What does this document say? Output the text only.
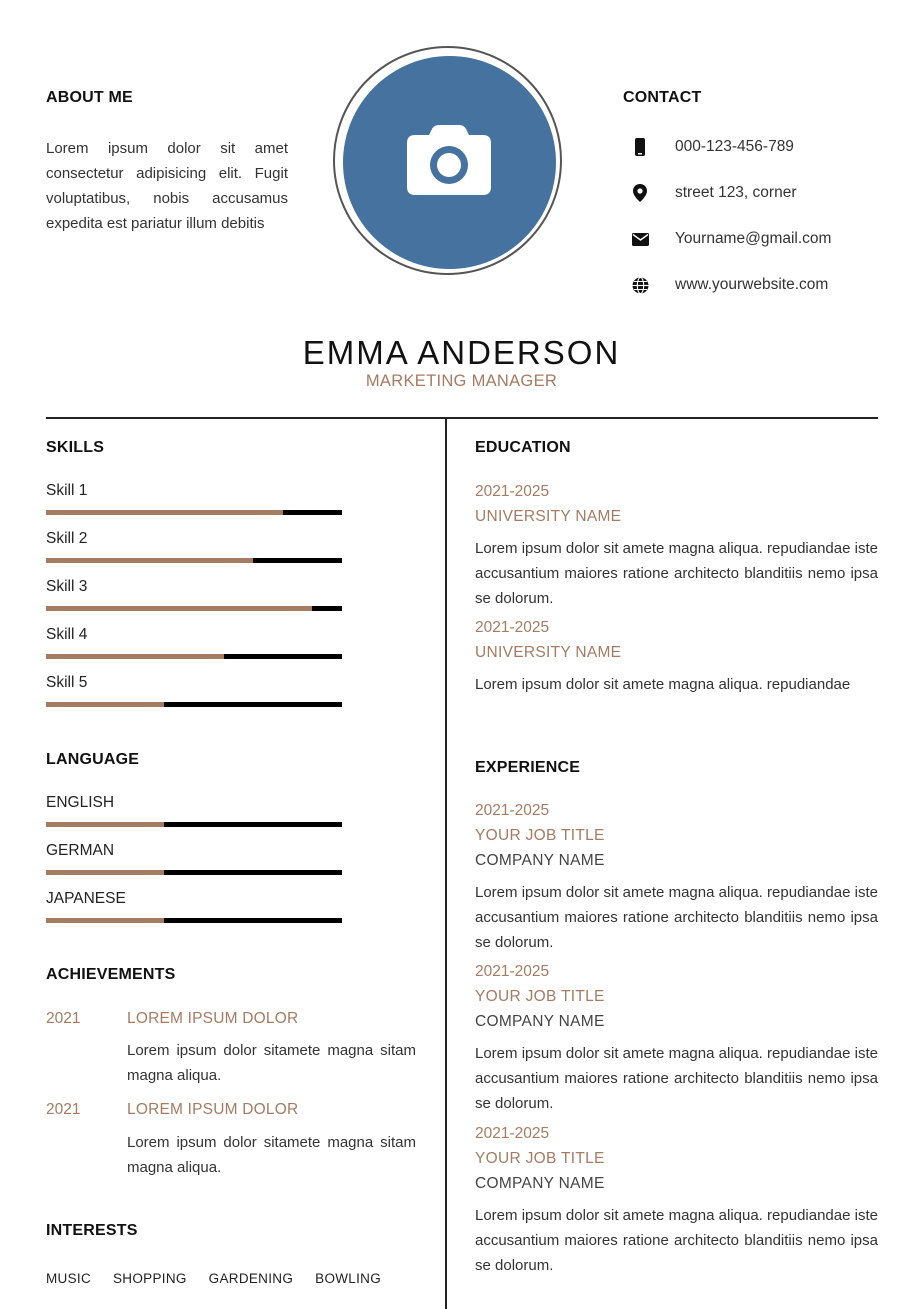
ABOUT ME
Lorem ipsum dolor sit amet consectetur adipisicing elit. Fugit voluptatibus, nobis accusamus expedita est pariatur illum debitis
CONTACT
000-123-456-789
street 123, corner
Yourname@gmail.com
www.yourwebsite.com
EMMA ANDERSON
MARKETING MANAGER
SKILLS
Skill 1
Skill 2
Skill 3
Skill 4
Skill 5
LANGUAGE
ENGLISH
GERMAN
JAPANESE
ACHIEVEMENTS
2021	LOREM IPSUM DOLOR
Lorem ipsum dolor sitamete magna sitam magna aliqua.
2021	LOREM IPSUM DOLOR
Lorem ipsum dolor sitamete magna sitam magna aliqua.
INTERESTS
MUSIC SHOPPING GARDENING BOWLING
EDUCATION
2021-2025
UNIVERSITY NAME
Lorem ipsum dolor sit amete magna aliqua. repudiandae iste accusantium maiores ratione architecto blanditiis nemo ipsa se dolorum.
2021-2025
UNIVERSITY NAME
Lorem ipsum dolor sit amete magna aliqua. repudiandae
EXPERIENCE
2021-2025
YOUR JOB TITLE
COMPANY NAME
Lorem ipsum dolor sit amete magna aliqua. repudiandae iste accusantium maiores ratione architecto blanditiis nemo ipsa se dolorum.
2021-2025
YOUR JOB TITLE
COMPANY NAME
Lorem ipsum dolor sit amete magna aliqua. repudiandae iste accusantium maiores ratione architecto blanditiis nemo ipsa se dolorum.
2021-2025
YOUR JOB TITLE
COMPANY NAME
Lorem ipsum dolor sit amete magna aliqua. repudiandae iste accusantium maiores ratione architecto blanditiis nemo ipsa se dolorum.
